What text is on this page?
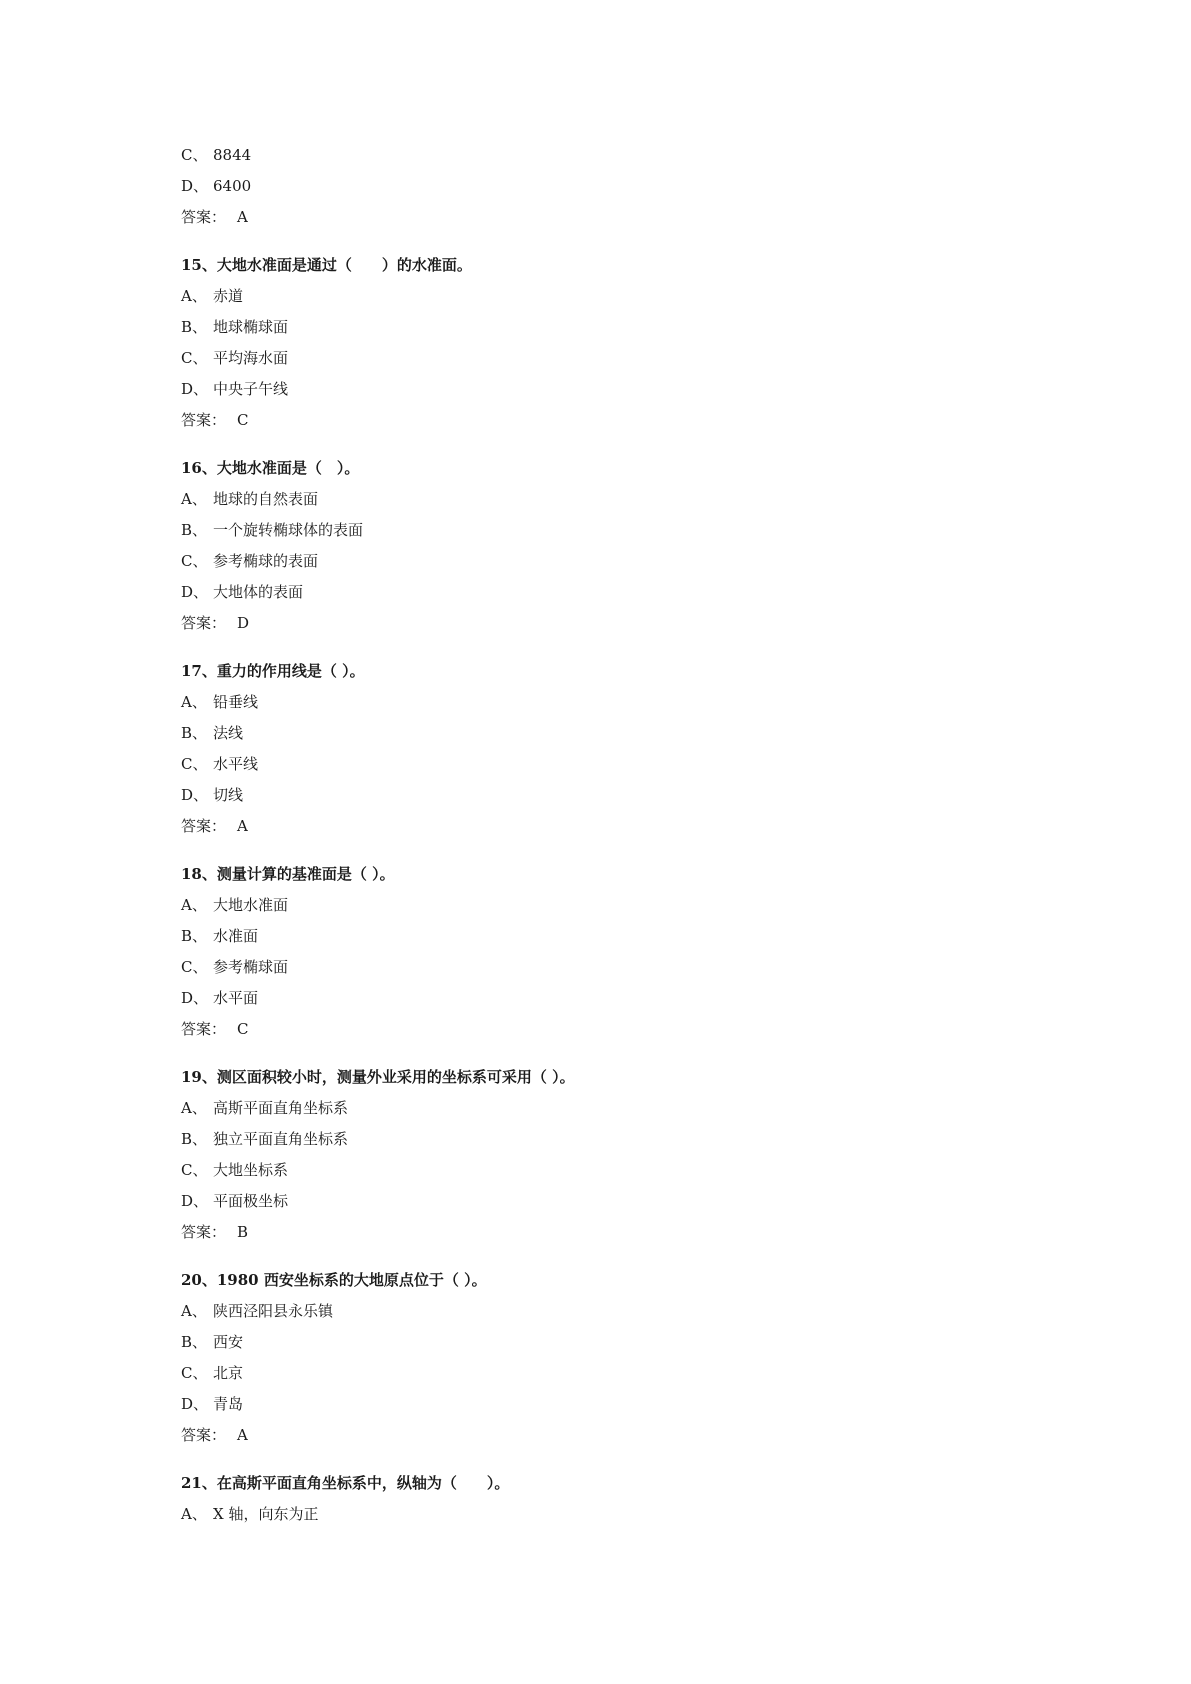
C、 8844
D、 6400
答案： A
15、大地水准面是通过（　　）的水准面。
A、 赤道
B、 地球椭球面
C、 平均海水面
D、 中央子午线
答案： C
16、大地水准面是（　）。
A、 地球的自然表面
B、 一个旋转椭球体的表面
C、 参考椭球的表面
D、 大地体的表面
答案： D
17、重力的作用线是（ ）。
A、 铅垂线
B、 法线
C、 水平线
D、 切线
答案： A
18、测量计算的基准面是（ ）。
A、 大地水准面
B、 水准面
C、 参考椭球面
D、 水平面
答案： C
19、测区面积较小时，测量外业采用的坐标系可采用（ ）。
A、 高斯平面直角坐标系
B、 独立平面直角坐标系
C、 大地坐标系
D、 平面极坐标
答案： B
20、1980 西安坐标系的大地原点位于（ ）。
A、 陕西泾阳县永乐镇
B、 西安
C、 北京
D、 青岛
答案： A
21、在高斯平面直角坐标系中，纵轴为（　　）。
A、 X 轴，向东为正
